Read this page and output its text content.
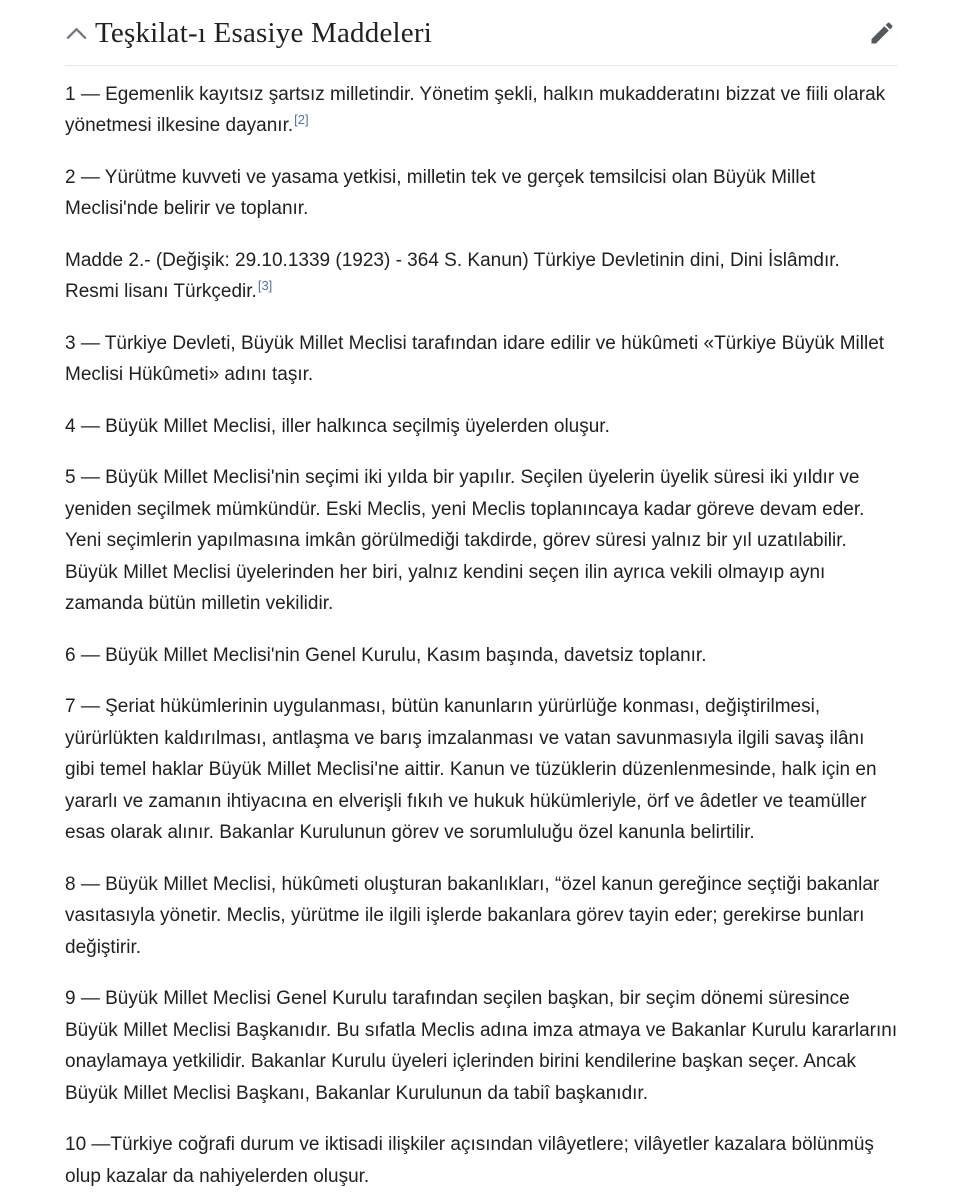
Teşkilat-ı Esasiye Maddeleri

1 — Egemenlik kayıtsız şartsız milletindir. Yönetim şekli, halkın mukadderatını bizzat ve fiili olarak yönetmesi ilkesine dayanır.[2]

2 — Yürütme kuvveti ve yasama yetkisi, milletin tek ve gerçek temsilcisi olan Büyük Millet Meclisi'nde belirir ve toplanır.

Madde 2.- (Değişik: 29.10.1339 (1923) - 364 S. Kanun) Türkiye Devletinin dini, Dini İslâmdır. Resmi lisanı Türkçedir.[3]

3 — Türkiye Devleti, Büyük Millet Meclisi tarafından idare edilir ve hükûmeti «Türkiye Büyük Millet Meclisi Hükûmeti» adını taşır.

4 — Büyük Millet Meclisi, iller halkınca seçilmiş üyelerden oluşur.

5 — Büyük Millet Meclisi'nin seçimi iki yılda bir yapılır. Seçilen üyelerin üyelik süresi iki yıldır ve yeniden seçilmek mümkündür. Eski Meclis, yeni Meclis toplanıncaya kadar göreve devam eder. Yeni seçimlerin yapılmasına imkân görülmediği takdirde, görev süresi yalnız bir yıl uzatılabilir. Büyük Millet Meclisi üyelerinden her biri, yalnız kendini seçen ilin ayrıca vekili olmayıp aynı zamanda bütün milletin vekilidir.

6 — Büyük Millet Meclisi'nin Genel Kurulu, Kasım başında, davetsiz toplanır.

7 — Şeriat hükümlerinin uygulanması, bütün kanunların yürürlüğe konması, değiştirilmesi, yürürlükten kaldırılması, antlaşma ve barış imzalanması ve vatan savunmasıyla ilgili savaş ilânı gibi temel haklar Büyük Millet Meclisi'ne aittir. Kanun ve tüzüklerin düzenlenmesinde, halk için en yararlı ve zamanın ihtiyacına en elverişli fıkıh ve hukuk hükümleriyle, örf ve âdetler ve teamüller esas olarak alınır. Bakanlar Kurulunun görev ve sorumluluğu özel kanunla belirtilir.

8 — Büyük Millet Meclisi, hükûmeti oluşturan bakanlıkları, “özel kanun gereğince seçtiği bakanlar vasıtasıyla yönetir. Meclis, yürütme ile ilgili işlerde bakanlara görev tayin eder; gerekirse bunları değiştirir.

9 — Büyük Millet Meclisi Genel Kurulu tarafından seçilen başkan, bir seçim dönemi süresince Büyük Millet Meclisi Başkanıdır. Bu sıfatla Meclis adına imza atmaya ve Bakanlar Kurulu kararlarını onaylamaya yetkilidir. Bakanlar Kurulu üyeleri içlerinden birini kendilerine başkan seçer. Ancak Büyük Millet Meclisi Başkanı, Bakanlar Kurulunun da tabiî başkanıdır.

10 —Türkiye coğrafi durum ve iktisadi ilişkiler açısından vilâyetlere; vilâyetler kazalara bölünmüş olup kazalar da nahiyelerden oluşur.
